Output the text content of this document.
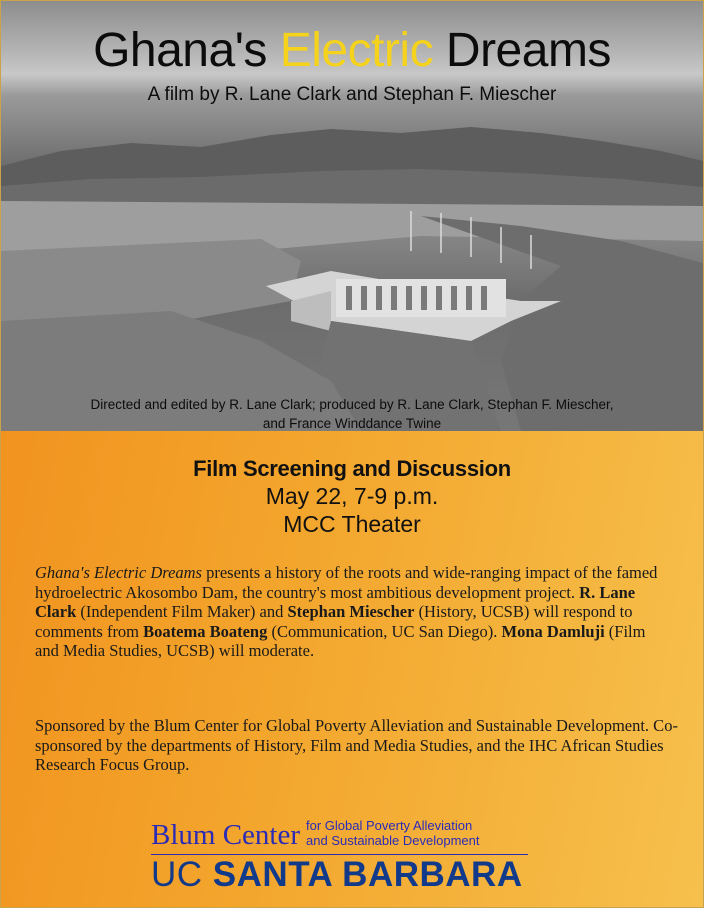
Ghana's Electric Dreams
A film by R. Lane Clark and Stephan F. Miescher
Directed and edited by R. Lane Clark; produced by R. Lane Clark, Stephan F. Miescher,
and France Winddance Twine
Film Screening and Discussion
May 22, 7-9 p.m.
MCC Theater
Ghana's Electric Dreams presents a history of the roots and wide-ranging impact of the famed hydroelectric Akosombo Dam, the country's most ambitious development project. R. Lane Clark (Independent Film Maker) and Stephan Miescher (History, UCSB) will respond to comments from Boatema Boateng (Communication, UC San Diego). Mona Damluji (Film and Media Studies, UCSB) will moderate.
Sponsored by the Blum Center for Global Poverty Alleviation and Sustainable Development. Co-sponsored by the departments of History, Film and Media Studies, and the IHC African Studies Research Focus Group.
Blum Center for Global Poverty Alleviation
and Sustainable Development
UC SANTA BARBARA
